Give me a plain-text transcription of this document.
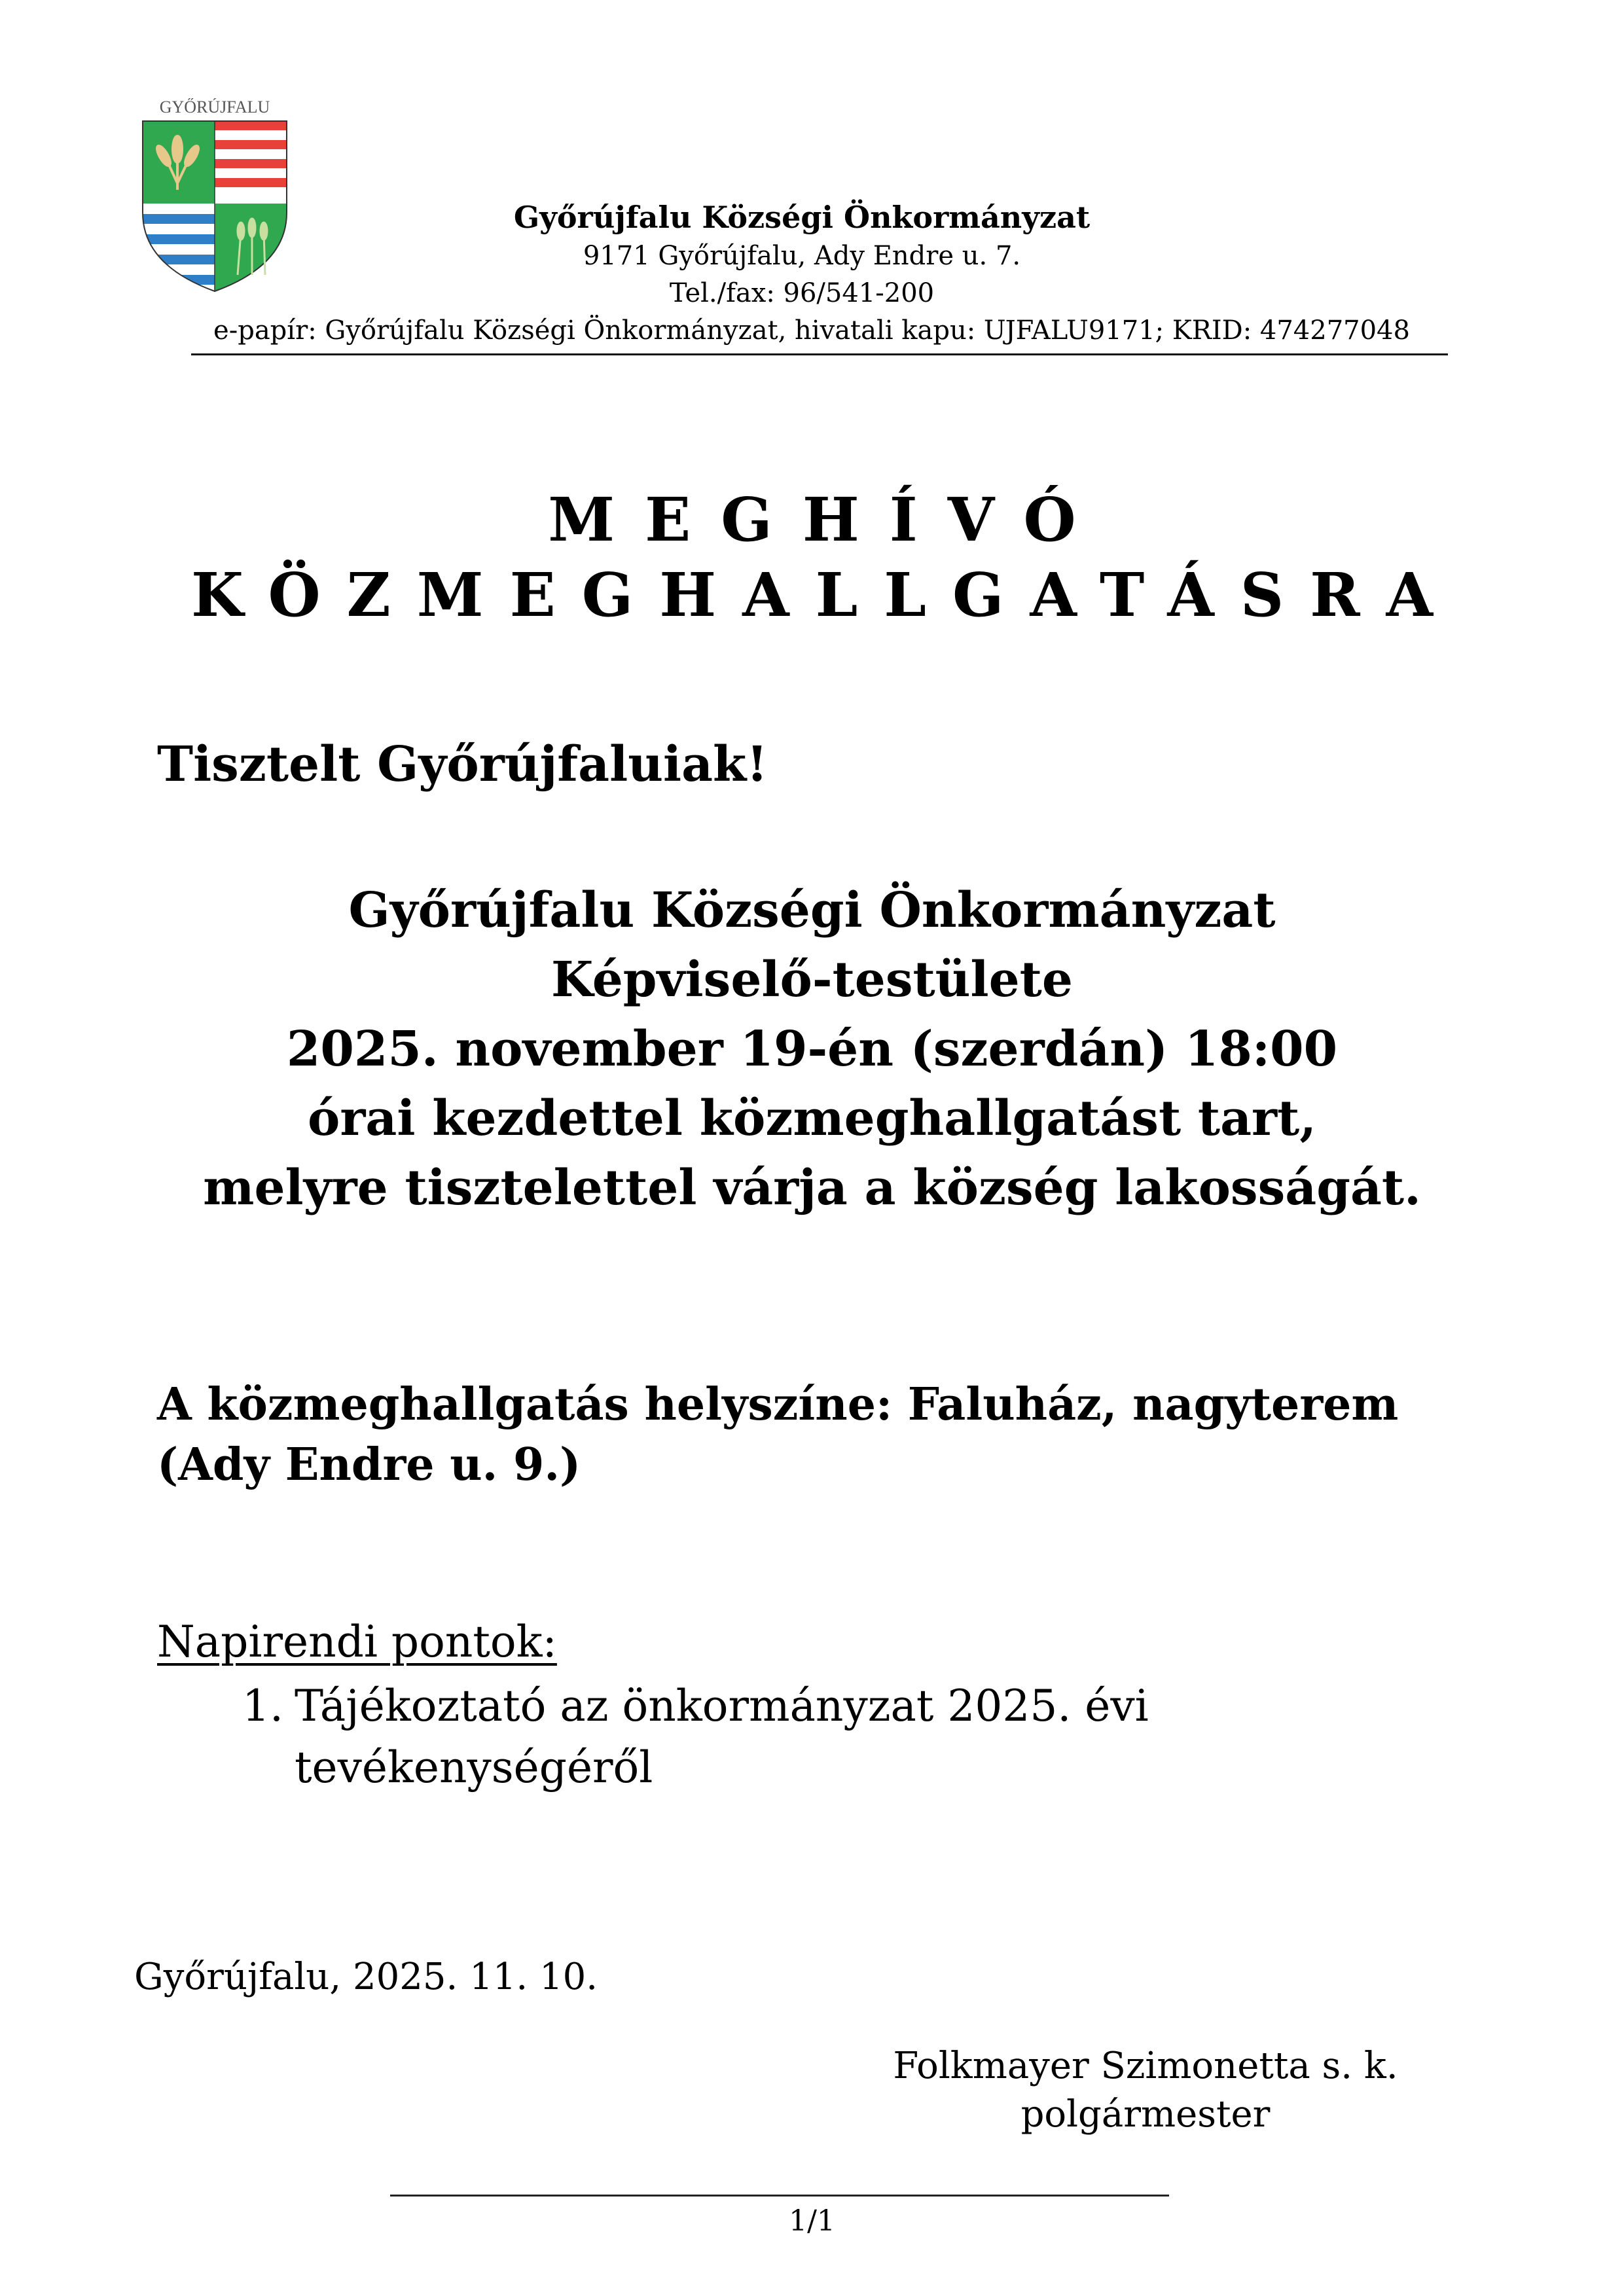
GYŐRÚJFALU
Győrújfalu Községi Önkormányzat
9171 Győrújfalu, Ady Endre u. 7.
Tel./fax: 96/541-200
e-papír: Győrújfalu Községi Önkormányzat, hivatali kapu: UJFALU9171; KRID: 474277048
MEGHÍVÓ
KÖZMEGHALLGATÁSRA
Tisztelt Győrújfaluiak!
Győrújfalu Községi Önkormányzat
Képviselő-testülete
2025. november 19-én (szerdán) 18:00
órai kezdettel közmeghallgatást tart,
melyre tisztelettel várja a község lakosságát.
A közmeghallgatás helyszíne: Faluház, nagyterem
(Ady Endre u. 9.)
Napirendi pontok:
1. Tájékoztató az önkormányzat 2025. évi
tevékenységéről
Győrújfalu, 2025. 11. 10.
Folkmayer Szimonetta s. k.
polgármester
1/1
